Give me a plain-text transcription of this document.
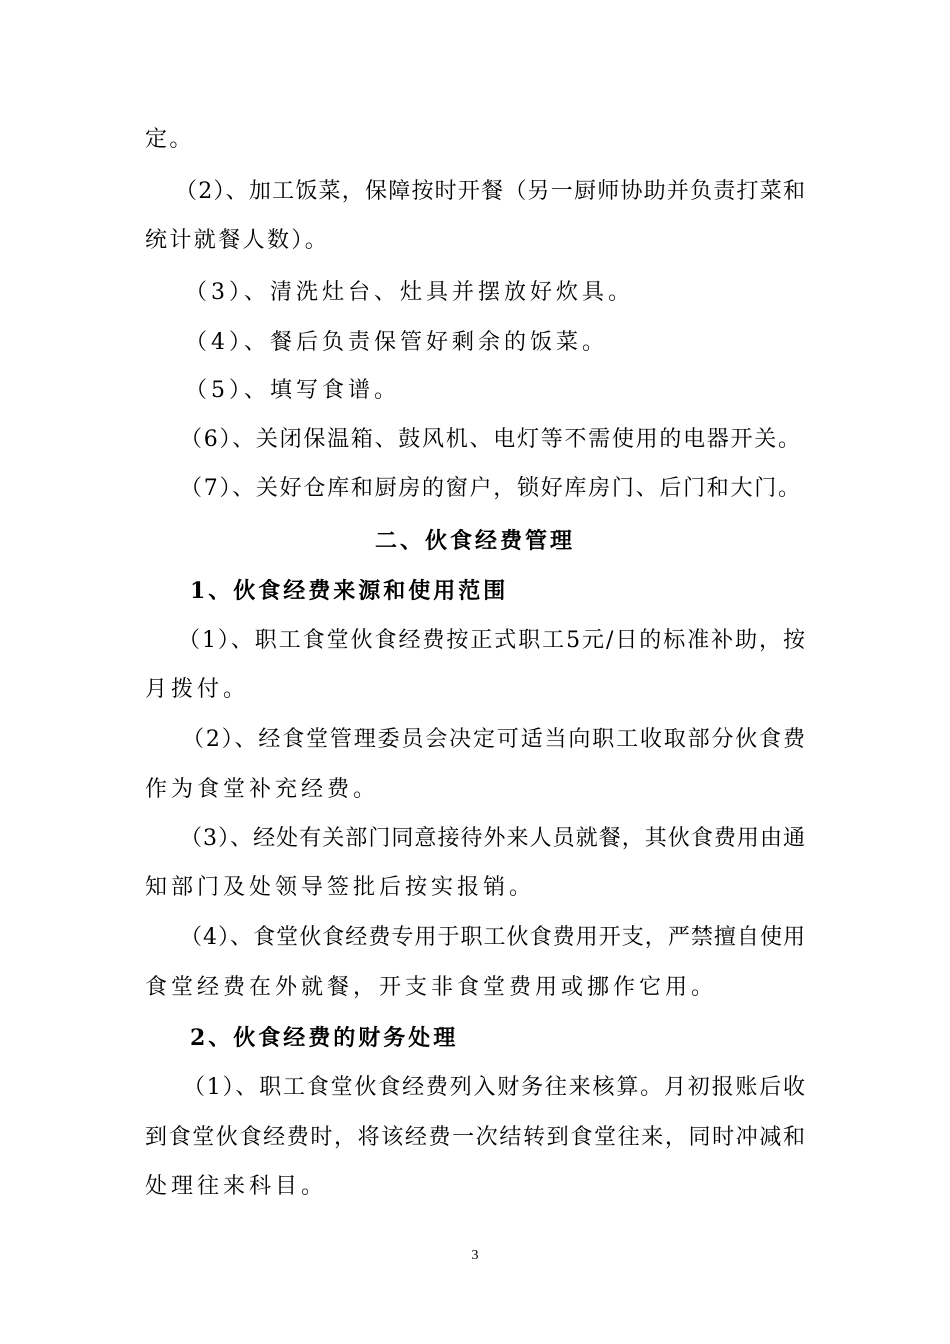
定。
（2）、加工饭菜，保障按时开餐（另一厨师协助并负责打菜和
统计就餐人数）。
（3）、清洗灶台、灶具并摆放好炊具。
（4）、餐后负责保管好剩余的饭菜。
（5）、填写食谱。
（6）、关闭保温箱、鼓风机、电灯等不需使用的电器开关。
（7）、关好仓库和厨房的窗户，锁好库房门、后门和大门。
二、伙食经费管理
1、伙食经费来源和使用范围
（1）、职工食堂伙食经费按正式职工5元/日的标准补助，按
月拨付。
（2）、经食堂管理委员会决定可适当向职工收取部分伙食费
作为食堂补充经费。
（3）、经处有关部门同意接待外来人员就餐，其伙食费用由通
知部门及处领导签批后按实报销。
（4）、食堂伙食经费专用于职工伙食费用开支，严禁擅自使用
食堂经费在外就餐，开支非食堂费用或挪作它用。
2、伙食经费的财务处理
（1）、职工食堂伙食经费列入财务往来核算。月初报账后收
到食堂伙食经费时，将该经费一次结转到食堂往来，同时冲减和
处理往来科目。
3
